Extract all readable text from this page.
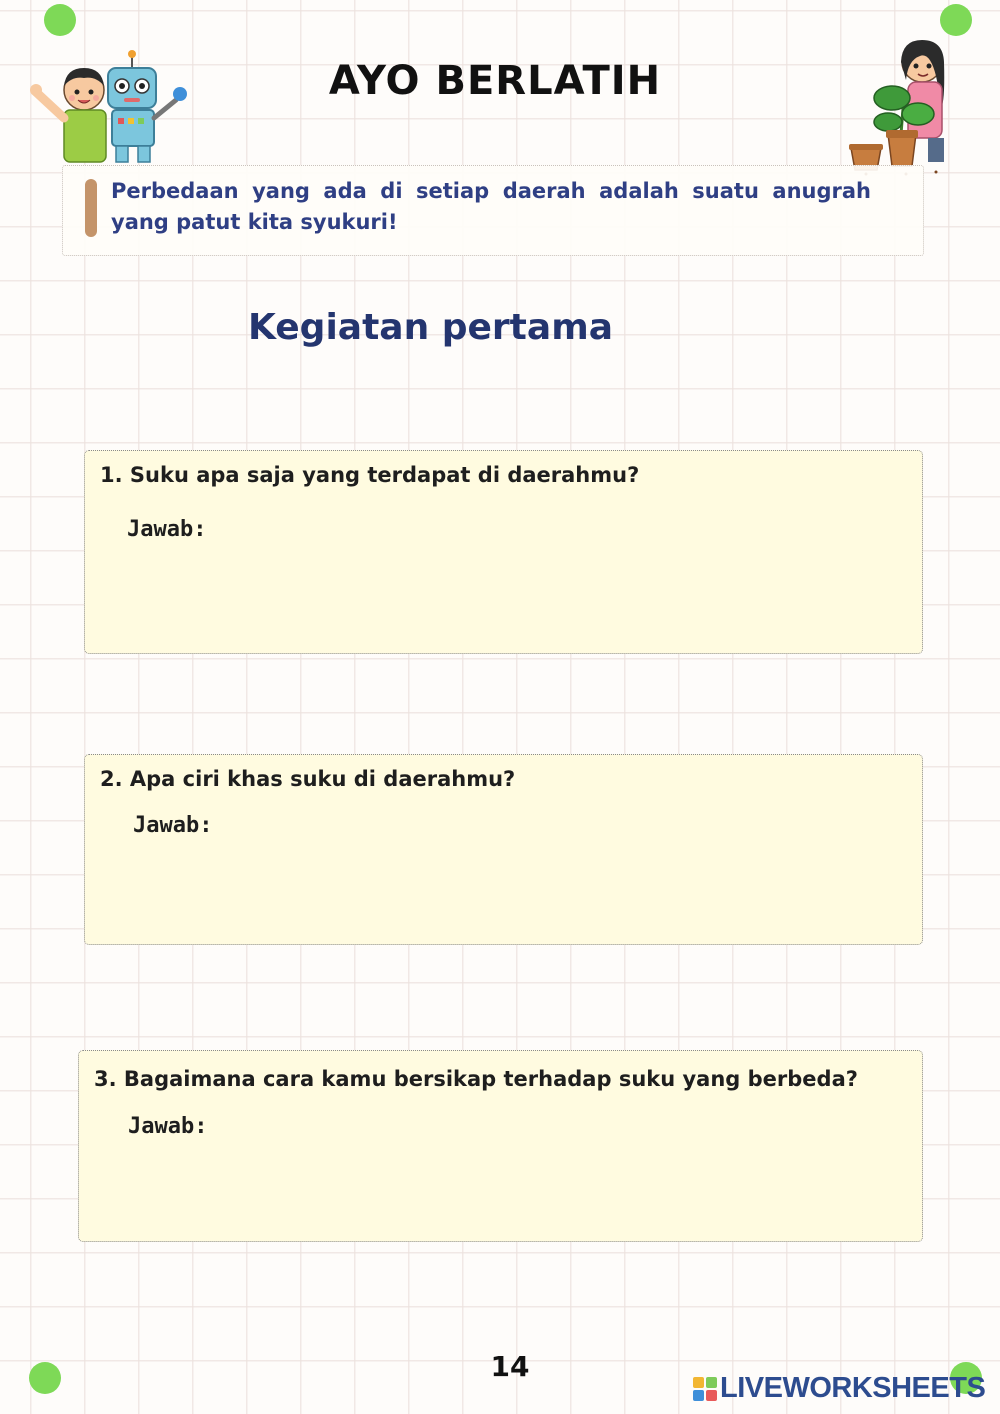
AYO BERLATIH
Perbedaan yang ada di setiap daerah adalah suatu anugrah yang patut kita syukuri!
Kegiatan pertama
1. Suku apa saja yang terdapat di daerahmu?
Jawab:
2. Apa ciri khas suku di daerahmu?
Jawab:
3. Bagaimana cara kamu bersikap terhadap suku yang berbeda?
Jawab:
14
LIVEWORKSHEETS
